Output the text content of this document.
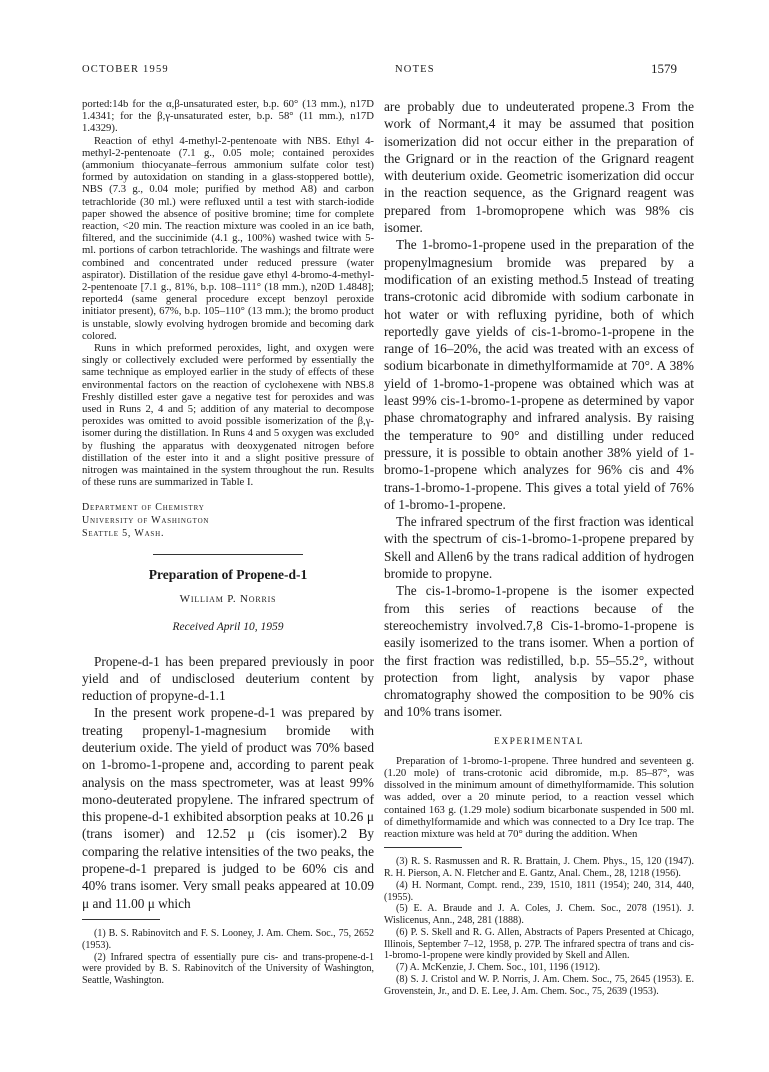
OCTOBER 1959	NOTES	1579

ported:14b for the α,β-unsaturated ester, b.p. 60° (13 mm.), n17D 1.4341; for the β,γ-unsaturated ester, b.p. 58° (11 mm.), n17D 1.4329).

Reaction of ethyl 4-methyl-2-pentenoate with NBS. Ethyl 4-methyl-2-pentenoate (7.1 g., 0.05 mole; contained peroxides (ammonium thiocyanate–ferrous ammonium sulfate color test) formed by autoxidation on standing in a glass-stoppered bottle), NBS (7.3 g., 0.04 mole; purified by method A8) and carbon tetrachloride (30 ml.) were refluxed until a test with starch-iodide paper showed the absence of positive bromine; time for complete reaction, <20 min. The reaction mixture was cooled in an ice bath, filtered, and the succinimide (4.1 g., 100%) washed twice with 5-ml. portions of carbon tetrachloride. The washings and filtrate were combined and concentrated under reduced pressure (water aspirator). Distillation of the residue gave ethyl 4-bromo-4-methyl-2-pentenoate [7.1 g., 81%, b.p. 108–111° (18 mm.), n20D 1.4848]; reported4 (same general procedure except benzoyl peroxide initiator present), 67%, b.p. 105–110° (13 mm.); the bromo product is unstable, slowly evolving hydrogen bromide and becoming dark colored.

Runs in which preformed peroxides, light, and oxygen were singly or collectively excluded were performed by essentially the same technique as employed earlier in the study of effects of these environmental factors on the reaction of cyclohexene with NBS.8 Freshly distilled ester gave a negative test for peroxides and was used in Runs 2, 4 and 5; addition of any material to decompose peroxides was omitted to avoid possible isomerization of the β,γ-isomer during the distillation. In Runs 4 and 5 oxygen was excluded by flushing the apparatus with deoxygenated nitrogen before distillation of the ester into it and a slight positive pressure of nitrogen was maintained in the system throughout the run. Results of these runs are summarized in Table I.

Department of Chemistry
University of Washington
Seattle 5, Wash.
Preparation of Propene-d-1
William P. Norris
Received April 10, 1959

Propene-d-1 has been prepared previously in poor yield and of undisclosed deuterium content by reduction of propyne-d-1.1

In the present work propene-d-1 was prepared by treating propenyl-1-magnesium bromide with deuterium oxide. The yield of product was 70% based on 1-bromo-1-propene and, according to parent peak analysis on the mass spectrometer, was at least 99% mono-deuterated propylene. The infrared spectrum of this propene-d-1 exhibited absorption peaks at 10.26 μ (trans isomer) and 12.52 μ (cis isomer).2 By comparing the relative intensities of the two peaks, the propene-d-1 prepared is judged to be 60% cis and 40% trans isomer. Very small peaks appeared at 10.09 μ and 11.00 μ which

(1) B. S. Rabinovitch and F. S. Looney, J. Am. Chem. Soc., 75, 2652 (1953).

(2) Infrared spectra of essentially pure cis- and trans-propene-d-1 were provided by B. S. Rabinovitch of the University of Washington, Seattle, Washington.

are probably due to undeuterated propene.3 From the work of Normant,4 it may be assumed that position isomerization did not occur either in the preparation of the Grignard or in the reaction of the Grignard reagent with deuterium oxide. Geometric isomerization did occur in the reaction sequence, as the Grignard reagent was prepared from 1-bromopropene which was 98% cis isomer.

The 1-bromo-1-propene used in the preparation of the propenylmagnesium bromide was prepared by a modification of an existing method.5 Instead of treating trans-crotonic acid dibromide with sodium carbonate in hot water or with refluxing pyridine, both of which reportedly gave yields of cis-1-bromo-1-propene in the range of 16–20%, the acid was treated with an excess of sodium bicarbonate in dimethylformamide at 70°. A 38% yield of 1-bromo-1-propene was obtained which was at least 99% cis-1-bromo-1-propene as determined by vapor phase chromatography and infrared analysis. By raising the temperature to 90° and distilling under reduced pressure, it is possible to obtain another 38% yield of 1-bromo-1-propene which analyzes for 96% cis and 4% trans-1-bromo-1-propene. This gives a total yield of 76% of 1-bromo-1-propene.

The infrared spectrum of the first fraction was identical with the spectrum of cis-1-bromo-1-propene prepared by Skell and Allen6 by the trans radical addition of hydrogen bromide to propyne.

The cis-1-bromo-1-propene is the isomer expected from this series of reactions because of the stereochemistry involved.7,8 Cis-1-bromo-1-propene is easily isomerized to the trans isomer. When a portion of the first fraction was redistilled, b.p. 55–55.2°, without protection from light, analysis by vapor phase chromatography showed the composition to be 90% cis and 10% trans isomer.

EXPERIMENTAL

Preparation of 1-bromo-1-propene. Three hundred and seventeen g. (1.20 mole) of trans-crotonic acid dibromide, m.p. 85–87°, was dissolved in the minimum amount of dimethylformamide. This solution was added, over a 20 minute period, to a reaction vessel which contained 163 g. (1.29 mole) sodium bicarbonate suspended in 500 ml. of dimethylformamide and which was connected to a Dry Ice trap. The reaction mixture was held at 70° during the addition. When

(3) R. S. Rasmussen and R. R. Brattain, J. Chem. Phys., 15, 120 (1947). R. H. Pierson, A. N. Fletcher and E. Gantz, Anal. Chem., 28, 1218 (1956).

(4) H. Normant, Compt. rend., 239, 1510, 1811 (1954); 240, 314, 440, (1955).

(5) E. A. Braude and J. A. Coles, J. Chem. Soc., 2078 (1951). J. Wislicenus, Ann., 248, 281 (1888).

(6) P. S. Skell and R. G. Allen, Abstracts of Papers Presented at Chicago, Illinois, September 7–12, 1958, p. 27P. The infrared spectra of trans and cis-1-bromo-1-propene were kindly provided by Skell and Allen.

(7) A. McKenzie, J. Chem. Soc., 101, 1196 (1912).

(8) S. J. Cristol and W. P. Norris, J. Am. Chem. Soc., 75, 2645 (1953). E. Grovenstein, Jr., and D. E. Lee, J. Am. Chem. Soc., 75, 2639 (1953).
